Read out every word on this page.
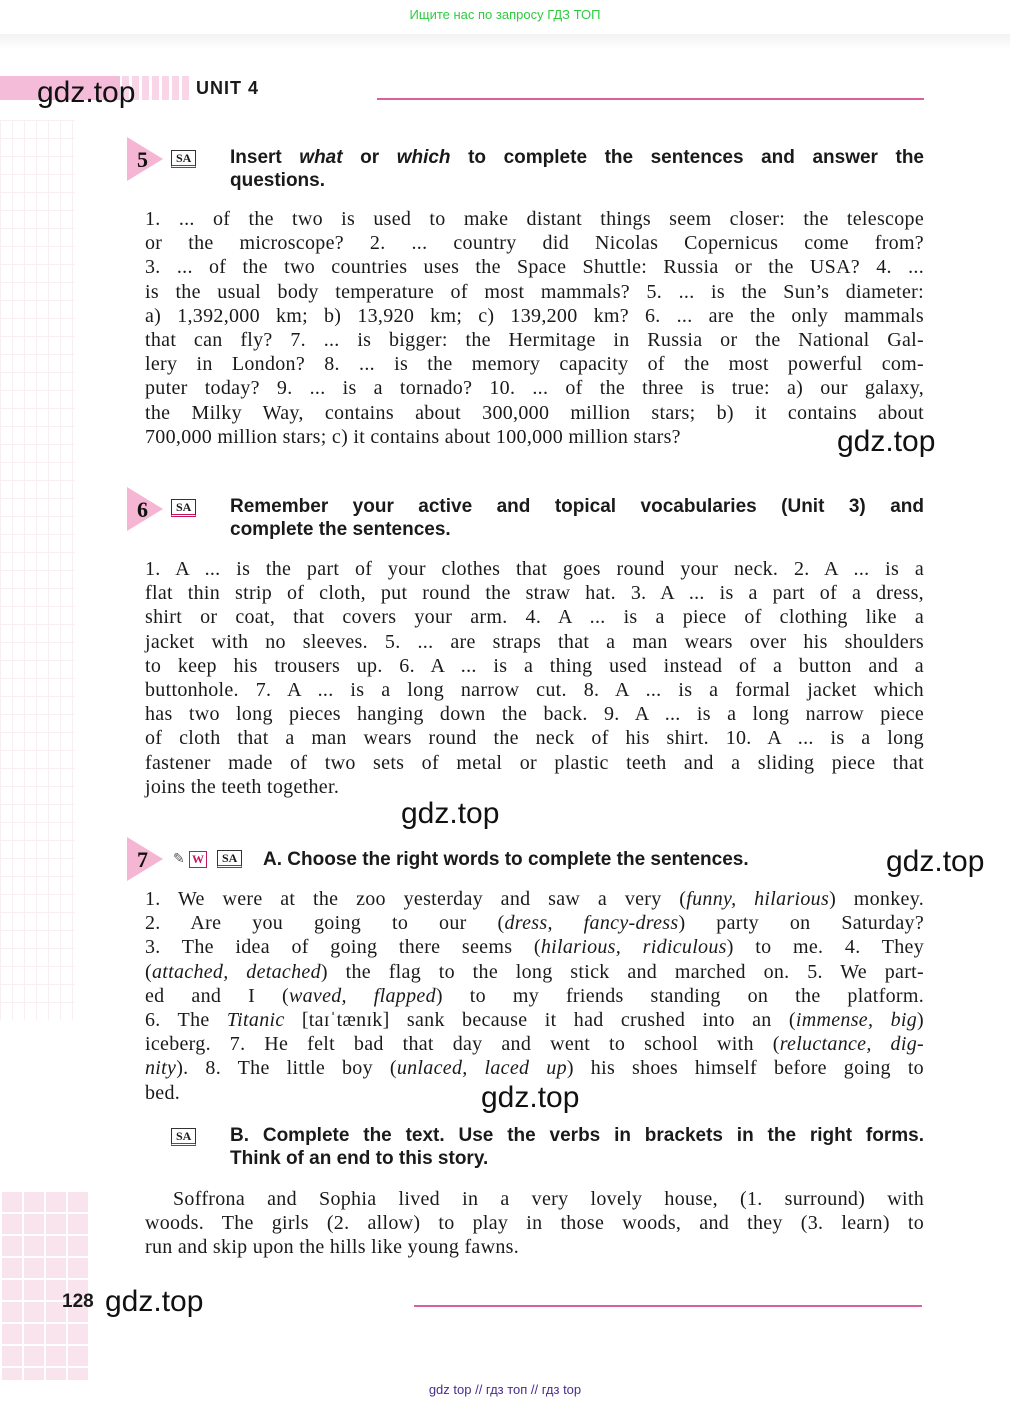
Ищите нас по запросу ГДЗ ТОП
gdz.top	UNIT 4
5	SA Insert what or which to complete the sentences and answer the
questions.
1. ... of the two is used to make distant things seem closer: the telescope
or the microscope? 2. ... country did Nicolas Copernicus come from?
3. ... of the two countries uses the Space Shuttle: Russia or the USA? 4. ...
is the usual body temperature of most mammals? 5. ... is the Sun’s diameter:
a) 1,392,000 km; b) 13,920 km; c) 139,200 km? 6. ... are the only mammals
that can fly? 7. ... is bigger: the Hermitage in Russia or the National Gal-
lery in London? 8. ... is the memory capacity of the most powerful com-
puter today? 9. ... is a tornado? 10. ... of the three is true: a) our galaxy,
the Milky Way, contains about 300,000 million stars; b) it contains about
700,000 million stars; c) it contains about 100,000 million stars?	gdz.top
6	SA Remember your active and topical vocabularies (Unit 3) and
complete the sentences.
1. A ... is the part of your clothes that goes round your neck. 2. A ... is a
flat thin strip of cloth, put round the straw hat. 3. A ... is a part of a dress,
shirt or coat, that covers your arm. 4. A ... is a piece of clothing like a
jacket with no sleeves. 5. ... are straps that a man wears over his shoulders
to keep his trousers up. 6. A ... is a thing used instead of a button and a
buttonhole. 7. A ... is a long narrow cut. 8. A ... is a formal jacket which
has two long pieces hanging down the back. 9. A ... is a long narrow piece
of cloth that a man wears round the neck of his shirt. 10. A ... is a long
fastener made of two sets of metal or plastic teeth and a sliding piece that
joins the teeth together.
gdz.top
7 ✎ W	SA A. Choose the right words to complete the sentences.	gdz.top
1. We were at the zoo yesterday and saw a very (funny, hilarious) monkey.
2. Are you going to our (dress, fancy-dress) party on Saturday?
3. The idea of going there seems (hilarious, ridiculous) to me. 4. They
(attached, detached) the flag to the long stick and marched on. 5. We part-
ed and I (waved, flapped) to my friends standing on the platform.
6. The Titanic [taɪˈtænɪk] sank because it had crushed into an (immense, big)
iceberg. 7. He felt bad that day and went to school with (reluctance, dig-
nity). 8. The little boy (unlaced, laced up) his shoes himself before going to
bed.	gdz.top
SA B. Complete the text. Use the verbs in brackets in the right forms.
Think of an end to this story.
Soffrona and Sophia lived in a very lovely house, (1. surround) with
woods. The girls (2. allow) to play in those woods, and they (3. learn) to
run and skip upon the hills like young fawns.
128 gdz.top
gdz top // гдз топ // гдз top
